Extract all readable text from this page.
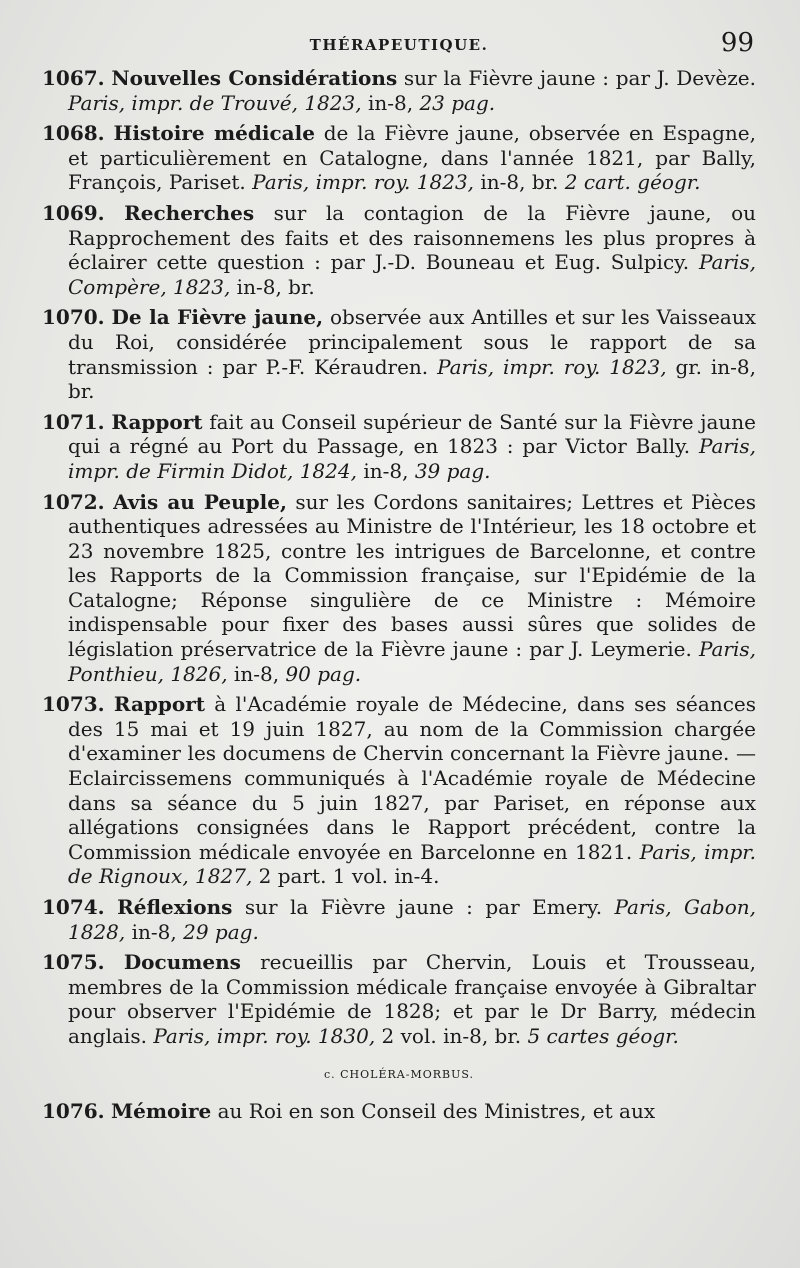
THÉRAPEUTIQUE.	99

1067. Nouvelles Considérations sur la Fièvre jaune : par J. Devèze. Paris, impr. de Trouvé, 1823, in-8, 23 pag.

1068. Histoire médicale de la Fièvre jaune, observée en Espagne, et particulièrement en Catalogne, dans l'année 1821, par Bally, François, Pariset. Paris, impr. roy. 1823, in-8, br. 2 cart. géogr.

1069. Recherches sur la contagion de la Fièvre jaune, ou Rapprochement des faits et des raisonnemens les plus propres à éclairer cette question : par J.-D. Bouneau et Eug. Sulpicy. Paris, Compère, 1823, in-8, br.

1070. De la Fièvre jaune, observée aux Antilles et sur les Vaisseaux du Roi, considérée principalement sous le rapport de sa transmission : par P.-F. Kéraudren. Paris, impr. roy. 1823, gr. in-8, br.

1071. Rapport fait au Conseil supérieur de Santé sur la Fièvre jaune qui a régné au Port du Passage, en 1823 : par Victor Bally. Paris, impr. de Firmin Didot, 1824, in-8, 39 pag.

1072. Avis au Peuple, sur les Cordons sanitaires; Lettres et Pièces authentiques adressées au Ministre de l'Intérieur, les 18 octobre et 23 novembre 1825, contre les intrigues de Barcelonne, et contre les Rapports de la Commission française, sur l'Epidémie de la Catalogne; Réponse singulière de ce Ministre : Mémoire indispensable pour fixer des bases aussi sûres que solides de législation préservatrice de la Fièvre jaune : par J. Leymerie. Paris, Ponthieu, 1826, in-8, 90 pag.

1073. Rapport à l'Académie royale de Médecine, dans ses séances des 15 mai et 19 juin 1827, au nom de la Commission chargée d'examiner les documens de Chervin concernant la Fièvre jaune. — Eclaircissemens communiqués à l'Académie royale de Médecine dans sa séance du 5 juin 1827, par Pariset, en réponse aux allégations consignées dans le Rapport précédent, contre la Commission médicale envoyée en Barcelonne en 1821. Paris, impr. de Rignoux, 1827, 2 part. 1 vol. in-4.

1074. Réflexions sur la Fièvre jaune : par Emery. Paris, Gabon, 1828, in-8, 29 pag.

1075. Documens recueillis par Chervin, Louis et Trousseau, membres de la Commission médicale française envoyée à Gibraltar pour observer l'Epidémie de 1828; et par le Dr Barry, médecin anglais. Paris, impr. roy. 1830, 2 vol. in-8, br. 5 cartes géogr.

c. CHOLÉRA-MORBUS.

1076. Mémoire au Roi en son Conseil des Ministres, et aux
